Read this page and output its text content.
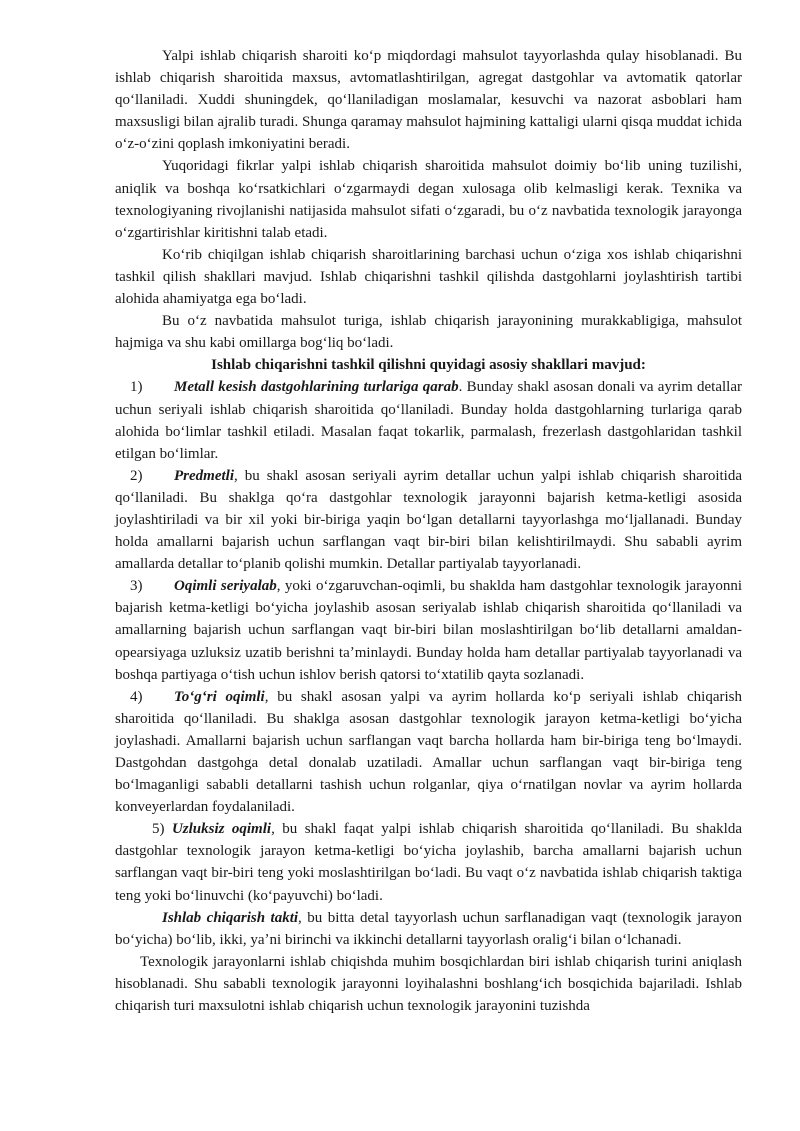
Yalpi ishlab chiqarish sharoiti koʻp miqdordagi mahsulot tayyorlashda qulay hisoblanadi. Bu ishlab chiqarish sharoitida maxsus, avtomatlashtirilgan, agregat dastgohlar va avtomatik qatorlar qoʻllaniladi. Xuddi shuningdek, qoʻllaniladigan moslamalar, kesuvchi va nazorat asboblari ham maxsusligi bilan ajralib turadi. Shunga qaramay mahsulot hajmining kattaligi ularni qisqa muddat ichida oʻz-oʻzini qoplash imkoniyatini beradi.

Yuqoridagi fikrlar yalpi ishlab chiqarish sharoitida mahsulot doimiy boʻlib uning tuzilishi, aniqlik va boshqa koʻrsatkichlari oʻzgarmaydi degan xulosaga olib kelmasligi kerak. Texnika va texnologiyaning rivojlanishi natijasida mahsulot sifati oʻzgaradi, bu oʻz navbatida texnologik jarayonga oʻzgartirishlar kiritishni talab etadi.

Koʻrib chiqilgan ishlab chiqarish sharoitlarining barchasi uchun oʻziga xos ishlab chiqarishni tashkil qilish shakllari mavjud. Ishlab chiqarishni tashkil qilishda dastgohlarni joylashtirish tartibi alohida ahamiyatga ega boʻladi.

Bu oʻz navbatida mahsulot turiga, ishlab chiqarish jarayonining murakkabligiga, mahsulot hajmiga va shu kabi omillarga bogʻliq boʻladi.

Ishlab chiqarishni tashkil qilishni quyidagi asosiy shakllari mavjud:

1) Metall kesish dastgohlarining turlariga qarab. Bunday shakl asosan donali va ayrim detallar uchun seriyali ishlab chiqarish sharoitida qoʻllaniladi. Bunday holda dastgohlarning turlariga qarab alohida boʻlimlar tashkil etiladi. Masalan faqat tokarlik, parmalash, frezerlash dastgohlaridan tashkil etilgan boʻlimlar.

2) Predmetli, bu shakl asosan seriyali ayrim detallar uchun yalpi ishlab chiqarish sharoitida qoʻllaniladi. Bu shaklga qoʻra dastgohlar texnologik jarayonni bajarish ketma-ketligi asosida joylashtiriladi va bir xil yoki bir-biriga yaqin boʻlgan detallarni tayyorlashga moʻljallanadi. Bunday holda amallarni bajarish uchun sarflangan vaqt bir-biri bilan kelishtirilmaydi. Shu sababli ayrim amallarda detallar toʻplanib qolishi mumkin. Detallar partiyalab tayyorlanadi.

3) Oqimli seriyalab, yoki oʻzgaruvchan-oqimli, bu shaklda ham dastgohlar texnologik jarayonni bajarish ketma-ketligi boʻyicha joylashib asosan seriyalab ishlab chiqarish sharoitida qoʻllaniladi va amallarning bajarish uchun sarflangan vaqt bir-biri bilan moslashtirilgan boʻlib detallarni amaldan-opearsiyaga uzluksiz uzatib berishni taʼminlaydi. Bunday holda ham detallar partiyalab tayyorlanadi va boshqa partiyaga oʻtish uchun ishlov berish qatorsi toʻxtatilib qayta sozlanadi.

4) Toʻgʻri oqimli, bu shakl asosan yalpi va ayrim hollarda koʻp seriyali ishlab chiqarish sharoitida qoʻllaniladi. Bu shaklga asosan dastgohlar texnologik jarayon ketma-ketligi boʻyicha joylashadi. Amallarni bajarish uchun sarflangan vaqt barcha hollarda ham bir-biriga teng boʻlmaydi. Dastgohdan dastgohga detal donalab uzatiladi. Amallar uchun sarflangan vaqt bir-biriga teng boʻlmaganligi sababli detallarni tashish uchun rolganlar, qiya oʻrnatilgan novlar va ayrim hollarda konveyerlardan foydalaniladi.

5) Uzluksiz oqimli, bu shakl faqat yalpi ishlab chiqarish sharoitida qoʻllaniladi. Bu shaklda dastgohlar texnologik jarayon ketma-ketligi boʻyicha joylashib, barcha amallarni bajarish uchun sarflangan vaqt bir-biri teng yoki moslashtirilgan boʻladi. Bu vaqt oʻz navbatida ishlab chiqarish taktiga teng yoki boʻlinuvchi (koʻpayuvchi) boʻladi.

Ishlab chiqarish takti, bu bitta detal tayyorlash uchun sarflanadigan vaqt (texnologik jarayon boʻyicha) boʻlib, ikki, yaʼni birinchi va ikkinchi detallarni tayyorlash oraligʻi bilan oʻlchanadi.

Texnologik jarayonlarni ishlab chiqishda muhim bosqichlardan biri ishlab chiqarish turini aniqlash hisoblanadi. Shu sababli texnologik jarayonni loyihalashni boshlangʻich bosqichida bajariladi. Ishlab chiqarish turi maxsulotni ishlab chiqarish uchun texnologik jarayonini tuzishda
